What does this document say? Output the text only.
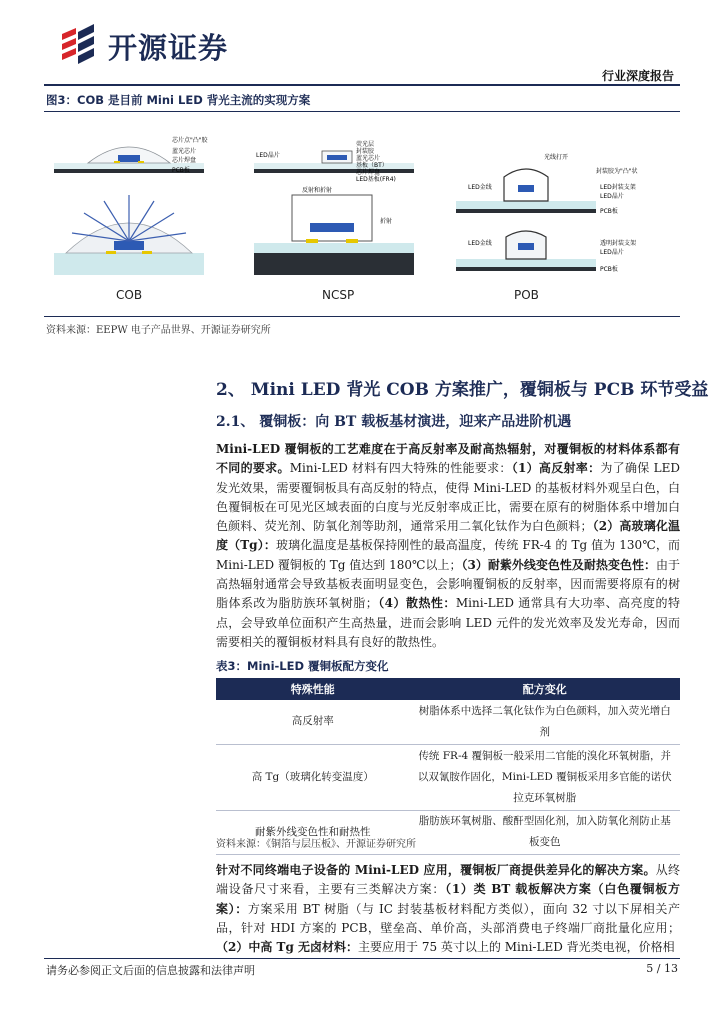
开源证券
行业深度报告
图3：COB 是目前 Mini LED 背光主流的实现方案
芯片点"凸"胶
蓝光芯片
芯片焊盘
PCB板
COB
荧光层
封装胶
蓝光芯片
基板（BT）
LED晶片
芯片焊盘
LED基板(FR4)
反射和折射
折射
NCSP
光线打开
封装胶为"凸"状
LED金线	LED封装支架
LED晶片
PCB板
LED金线	透明封装支架
LED晶片
PCB板
POB
资料来源：EEPW 电子产品世界、开源证券研究所
2、 Mini LED 背光 COB 方案推广，覆铜板与 PCB 环节受益
2.1、 覆铜板：向 BT 载板基材演进，迎来产品进阶机遇
Mini-LED 覆铜板的工艺难度在于高反射率及耐高热辐射，对覆铜板的材料体系都有不同的要求。Mini-LED 材料有四大特殊的性能要求：（1）高反射率：为了确保 LED 发光效果，需要覆铜板具有高反射的特点，使得 Mini-LED 的基板材料外观呈白色，白色覆铜板在可见光区域表面的白度与光反射率成正比，需要在原有的树脂体系中增加白色颜料、荧光剂、防氧化剂等助剂，通常采用二氧化钛作为白色颜料；（2）高玻璃化温度（Tg）：玻璃化温度是基板保持刚性的最高温度，传统 FR-4 的 Tg 值为 130℃，而 Mini-LED 覆铜板的 Tg 值达到 180℃以上；（3）耐紫外线变色性及耐热变色性：由于高热辐射通常会导致基板表面明显变色，会影响覆铜板的反射率，因而需要将原有的树脂体系改为脂肪族环氧树脂；（4）散热性：Mini-LED 通常具有大功率、高亮度的特点，会导致单位面积产生高热量，进而会影响 LED 元件的发光效率及发光寿命，因而需要相关的覆铜板材料具有良好的散热性。
表3：Mini-LED 覆铜板配方变化
特殊性能	配方变化
高反射率	树脂体系中选择二氧化钛作为白色颜料，加入荧光增白剂
高 Tg（玻璃化转变温度）	传统 FR-4 覆铜板一般采用二官能的溴化环氧树脂，并以双氰胺作固化，Mini-LED 覆铜板采用多官能的诺伏拉克环氧树脂
耐紫外线变色性和耐热性	脂肪族环氧树脂、酸酐型固化剂，加入防氧化剂防止基板变色
资料来源：《铜箔与层压板》、开源证券研究所
针对不同终端电子设备的 Mini-LED 应用，覆铜板厂商提供差异化的解决方案。从终端设备尺寸来看，主要有三类解决方案：（1）类 BT 载板解决方案（白色覆铜板方案）：方案采用 BT 树脂（与 IC 封装基板材料配方类似），面向 32 寸以下屏相关产品，针对 HDI 方案的 PCB，壁垒高、单价高，头部消费电子终端厂商批量化应用；（2）中高 Tg 无卤材料：主要应用于 75 英寸以上的 Mini-LED 背光类电视，价格相
请务必参阅正文后面的信息披露和法律声明	5 / 13
